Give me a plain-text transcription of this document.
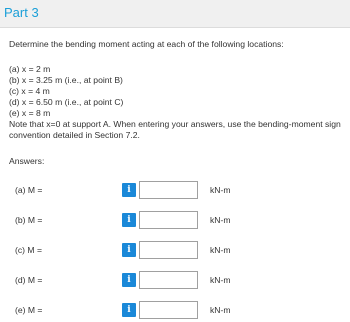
Part 3
Determine the bending moment acting at each of the following locations:
(a) x = 2 m
(b) x = 3.25 m (i.e., at point B)
(c) x = 4 m
(d) x = 6.50 m (i.e., at point C)
(e) x = 8 m
Note that x=0 at support A. When entering your answers, use the bending-moment sign convention detailed in Section 7.2.
Answers:
(a) M =	i	kN-m
(b) M =	i	kN-m
(c) M =	i	kN-m
(d) M =	i	kN-m
(e) M =	i	kN-m
